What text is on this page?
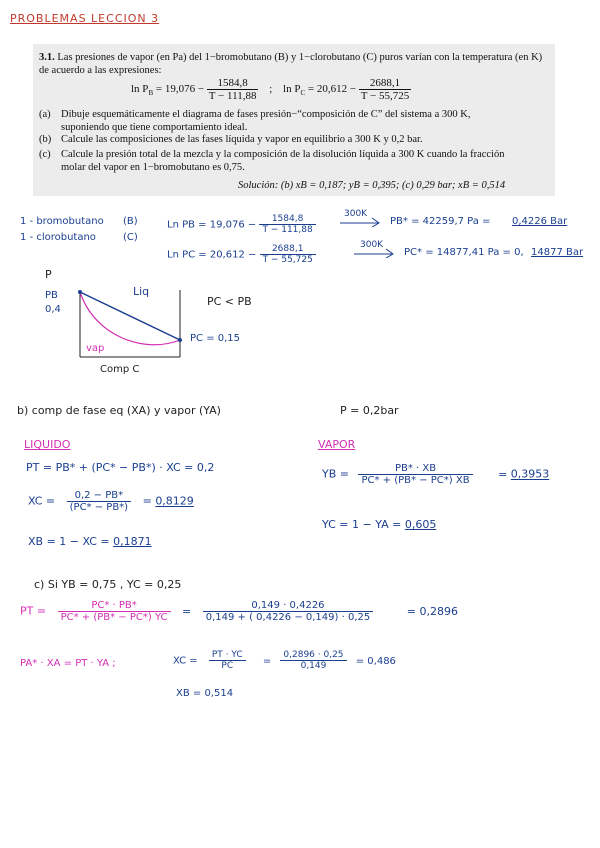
PROBLEMAS LECCION 3
3.1. Las presiones de vapor (en Pa) del 1−bromobutano (B) y 1−clorobutano (C) puros varían con la temperatura (en K) de acuerdo a las expresiones:
$\ln P_B = 19,076 - \frac{1584,8}{T - 111,88}$ ; $\ln P_C = 20,612 - \frac{2688,1}{T - 55,725}$
(a) Dibuje esquemáticamente el diagrama de fases presión−“composición de C” del sistema a 300 K,
suponiendo que tiene comportamiento ideal.
(b) Calcule las composiciones de las fases líquida y vapor en equilibrio a 300 K y 0,2 bar.
(c) Calcule la presión total de la mezcla y la composición de la disolución líquida a 300 K cuando la fracción
molar del vapor en 1−bromobutano es 0,75.
Solución: (b) xB = 0,187; yB = 0,395; (c) 0,29 bar; xB = 0,514
1 - bromobutano (B)
1 - clorobutano	(C)
Ln PB = $19,076 - \frac{1584,8}{T - 111,88}$	300K
PB* = 42259,7 Pa = 0,4226 Bar
Ln PC = $20,612 - \frac{2688,1}{T - 55,725}$	300K
PC* = 14877,41 Pa = 0, 14877 Bar
P
PB
0,4
Liq
vap
PC = 0,15
PC < PB
Comp C
b) comp de fase eq (XA) y vapor (YA)	P = 0,2bar
LIQUIDO
PT = PB* + (PC* − PB*) · XC = 0,2
XC = $\frac{0,2 - PB*}{(PC* - PB*)} = 0,8129$
XB = 1 − XC = 0,1871
VAPOR
YB = $\frac{PB* \cdot XB}{PC* + (PB* - PC*) XB} = 0,3953$
YC = 1 − YA = 0,605
c) Si YB = 0,75 , YC = 0,25
PT = $\frac{PC* \cdot PB*}{PC* + (PB* - PC*) YC} = \frac{0,149 \cdot 0,4226}{0,149 + ( 0,4226 - 0,149) \cdot 0,25}$	= 0,2896
PA* · XA = PT · YA ;	XC = $\frac{PT \cdot YC}{PC} = \frac{0,2896 \cdot 0,25}{0,149} = 0,486$
XB = 0,514
